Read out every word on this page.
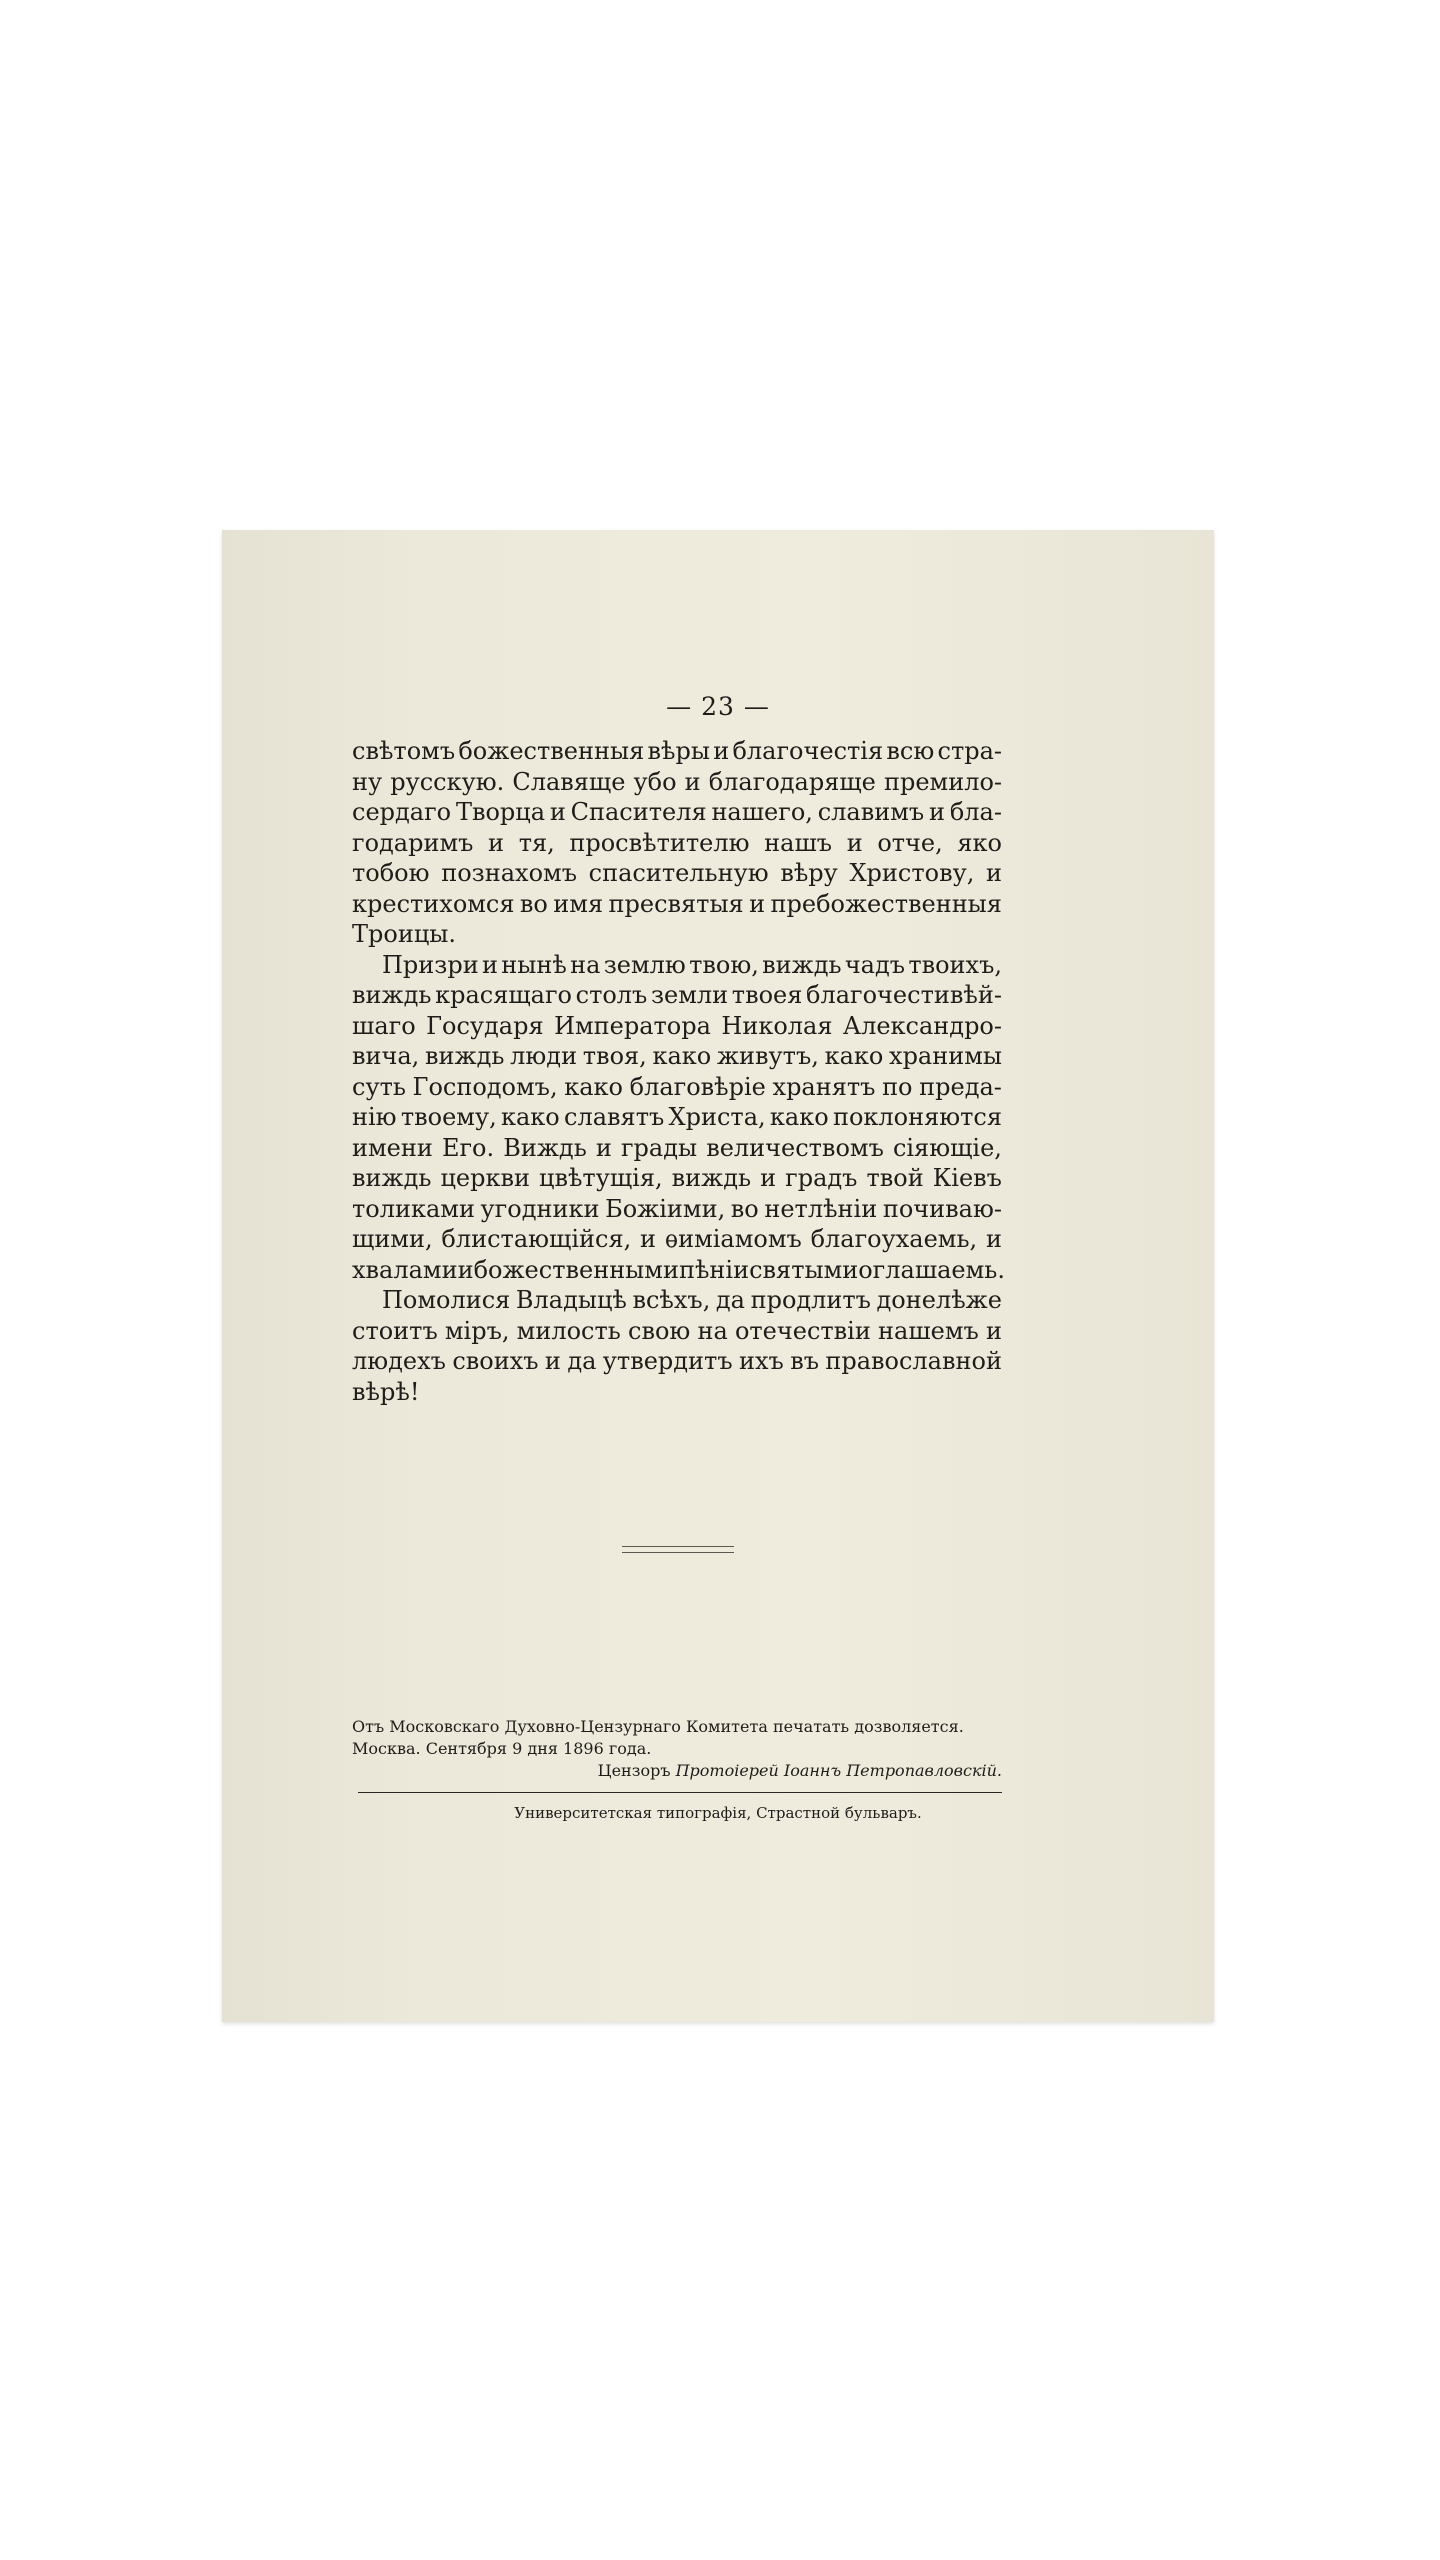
— 23 —
свѣтомъ божественныя вѣры и благочестія всю стра-
ну русскую. Славяще убо и благодаряще премило-
сердаго Творца и Спасителя нашего, славимъ и бла-
годаримъ и тя, просвѣтителю нашъ и отче, яко
тобою познахомъ спасительную вѣру Христову, и
крестихомся во имя пресвятыя и пребожественныя
Троицы.
Призри и нынѣ на землю твою, виждь чадъ твоихъ,
виждь красящаго столъ земли твоея благочестивѣй-
шаго Государя Императора Николая Александро-
вича, виждь люди твоя, како живутъ, како хранимы
суть Господомъ, како благовѣріе хранятъ по преда-
нію твоему, како славятъ Христа, како поклоняются
имени Его. Виждь и грады величествомъ сіяющіе,
виждь церкви цвѣтущія, виждь и градъ твой Кіевъ
толиками угодники Божіими, во нетлѣніи почиваю-
щими, блистающійся, и ѳиміамомъ благоухаемь, и
хвалами и божественными пѣніи святыми оглашаемь.
Помолися Владыцѣ всѣхъ, да продлитъ донелѣже
стоитъ міръ, милость свою на отечествіи нашемъ и
людехъ своихъ и да утвердитъ ихъ въ православной
вѣрѣ!
Отъ Московскаго Духовно-Цензурнаго Комитета печатать дозволяется.
Москва. Сентября 9 дня 1896 года.
Цензоръ Протоіерей Іоаннъ Петропавловскій.
Университетская типографія, Страстной бульваръ.
